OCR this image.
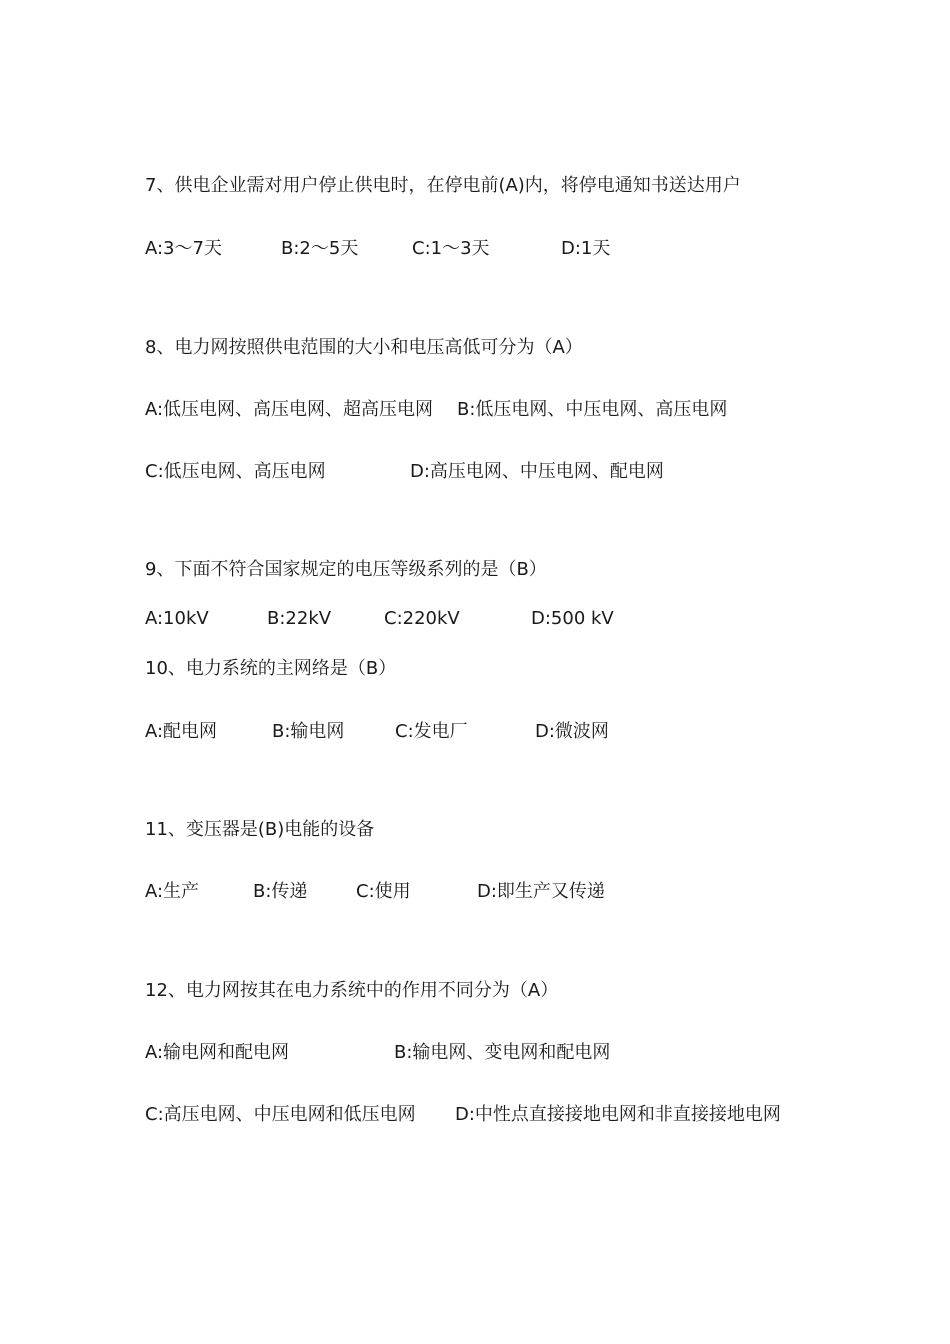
7、供电企业需对用户停止供电时，在停电前(A)内，将停电通知书送达用户
A:3～7天	B:2～5天	C:1～3天	D:1天
8、电力网按照供电范围的大小和电压高低可分为（A）
A:低压电网、高压电网、超高压电网 B:低压电网、中压电网、高压电网
C:低压电网、高压电网	D:高压电网、中压电网、配电网
9、下面不符合国家规定的电压等级系列的是（B）
A:10kV	B:22kV	C:220kV	D:500 kV
10、电力系统的主网络是（B）
A:配电网	B:输电网	C:发电厂	D:微波网
11、变压器是(B)电能的设备
A:生产	B:传递	C:使用	D:即生产又传递
12、电力网按其在电力系统中的作用不同分为（A）
A:输电网和配电网	B:输电网、变电网和配电网
C:高压电网、中压电网和低压电网 D:中性点直接接地电网和非直接接地电网
